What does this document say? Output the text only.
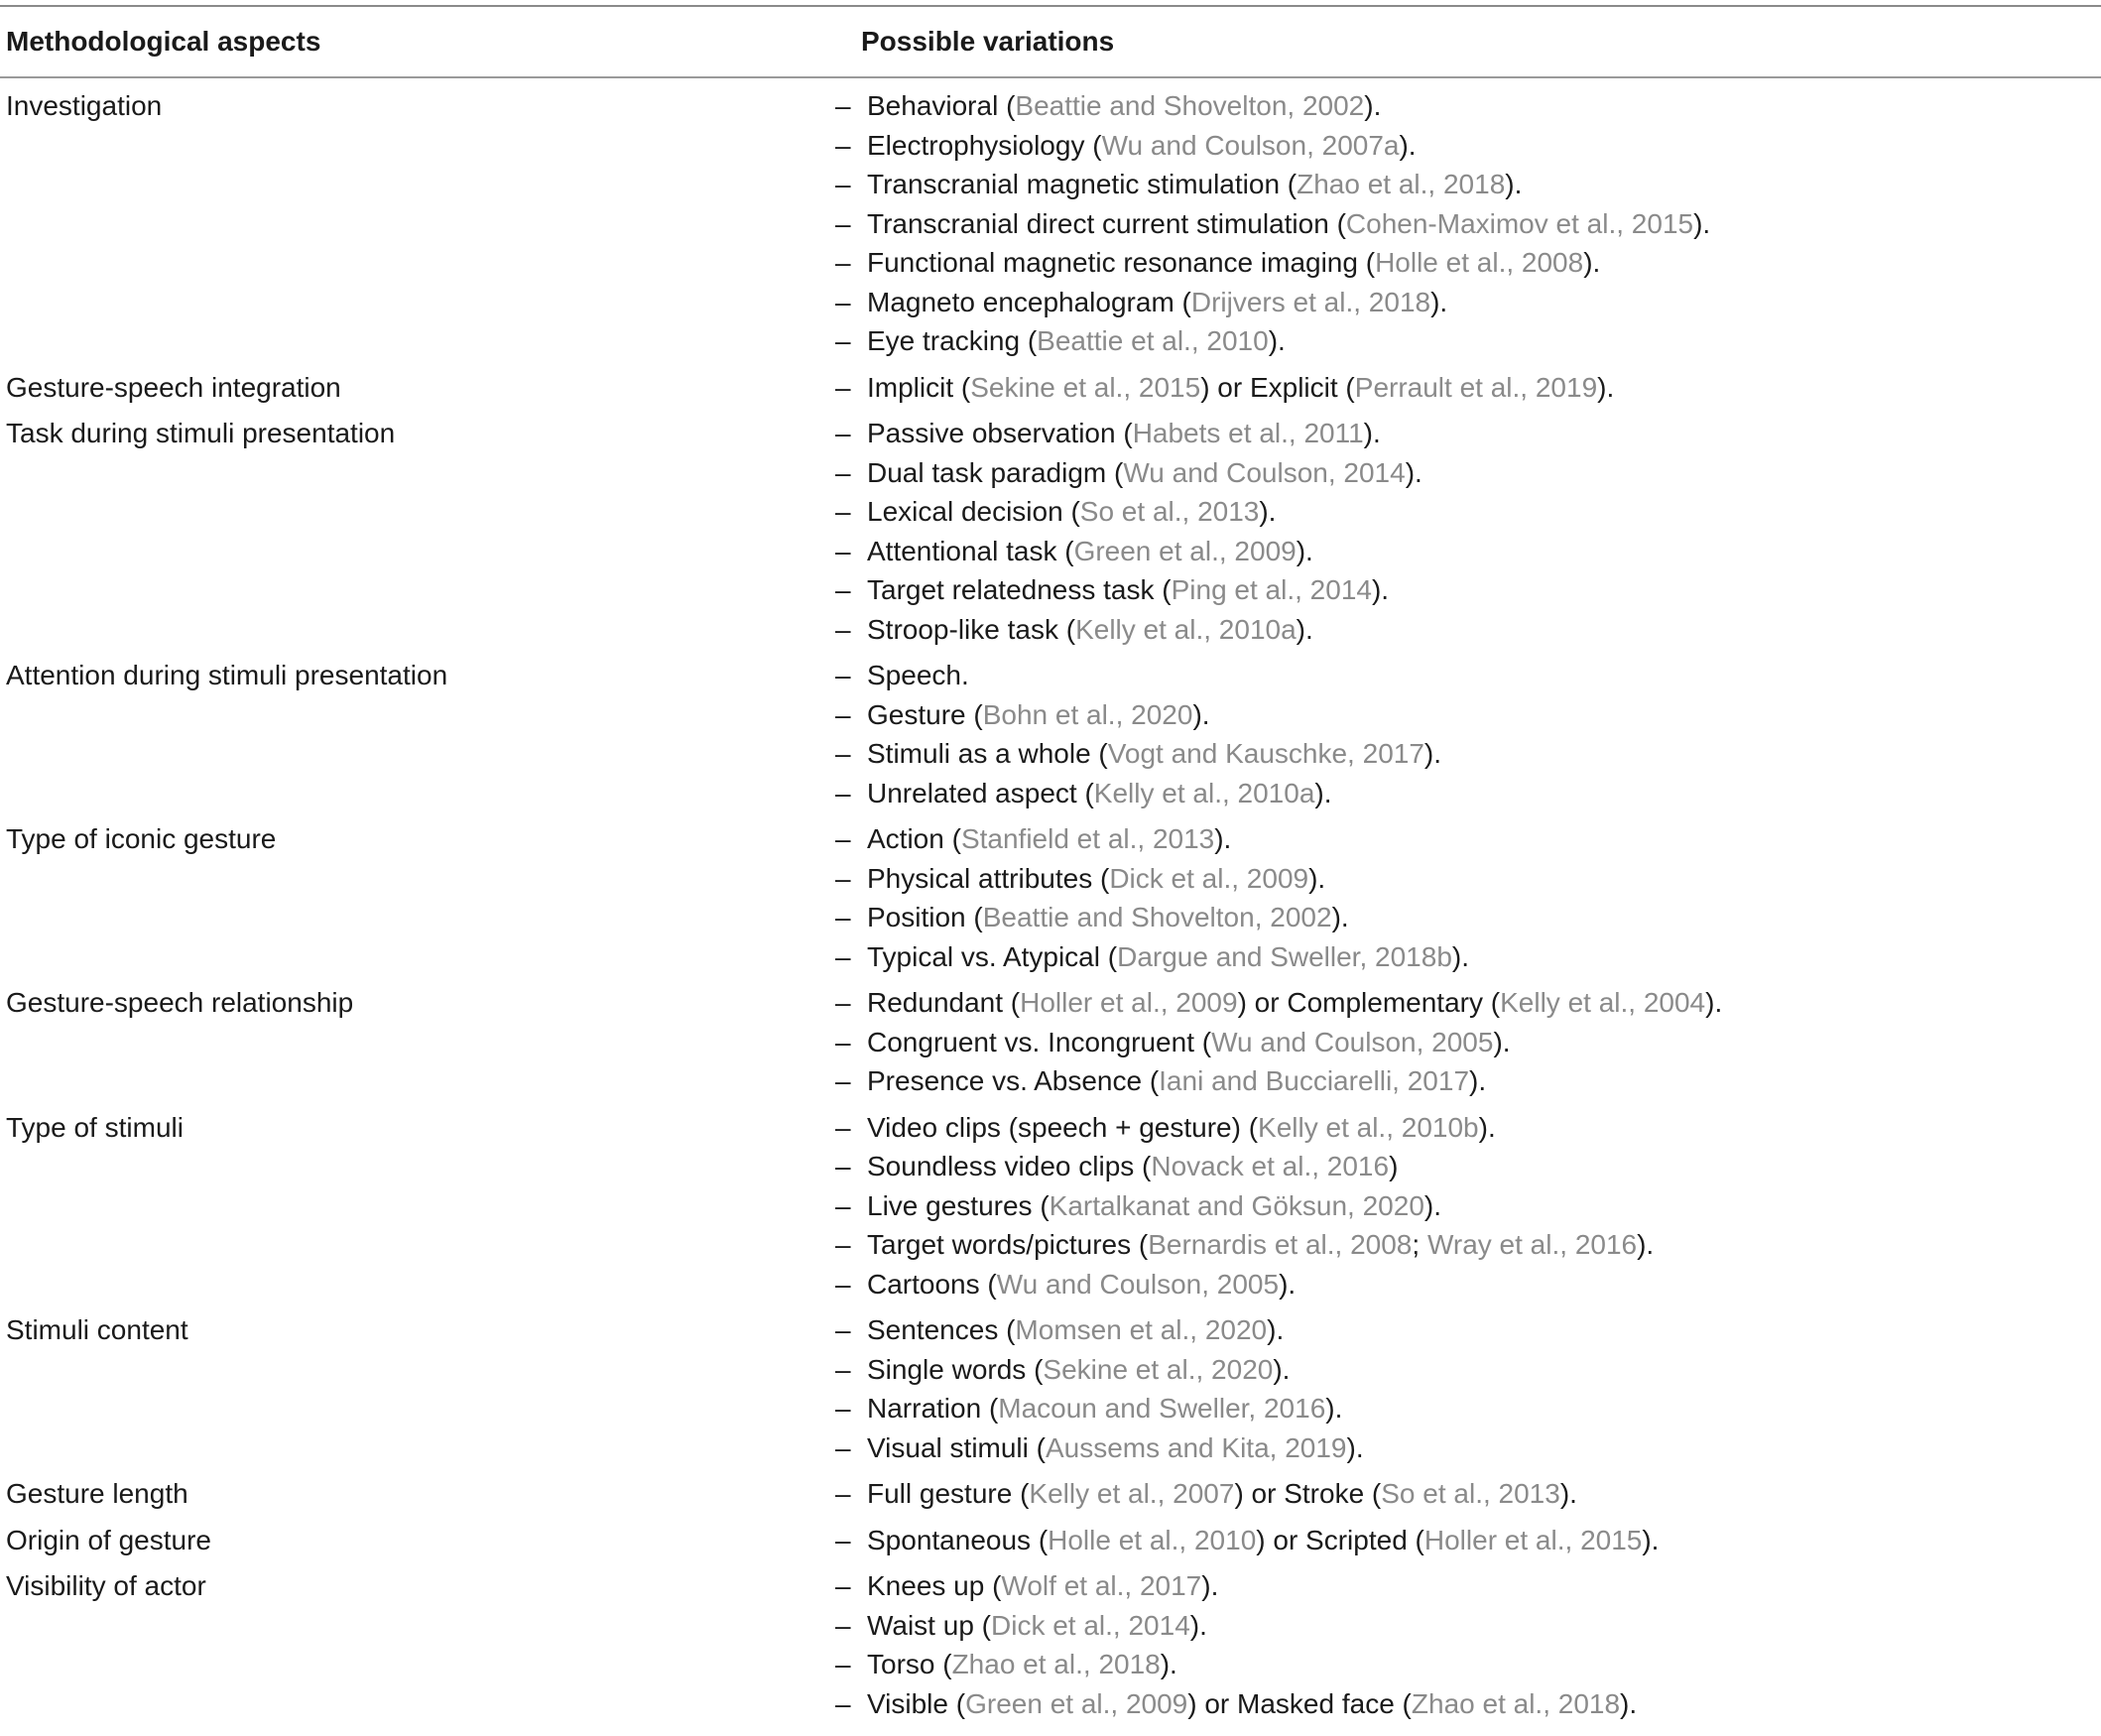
Methodological aspects	Possible variations
Investigation	– Behavioral (Beattie and Shovelton, 2002).
– Electrophysiology (Wu and Coulson, 2007a).
– Transcranial magnetic stimulation (Zhao et al., 2018).
– Transcranial direct current stimulation (Cohen-Maximov et al., 2015).
– Functional magnetic resonance imaging (Holle et al., 2008).
– Magneto encephalogram (Drijvers et al., 2018).
– Eye tracking (Beattie et al., 2010).
Gesture-speech integration	– Implicit (Sekine et al., 2015) or Explicit (Perrault et al., 2019).
Task during stimuli presentation	– Passive observation (Habets et al., 2011).
– Dual task paradigm (Wu and Coulson, 2014).
– Lexical decision (So et al., 2013).
– Attentional task (Green et al., 2009).
– Target relatedness task (Ping et al., 2014).
– Stroop-like task (Kelly et al., 2010a).
Attention during stimuli presentation	– Speech.
– Gesture (Bohn et al., 2020).
– Stimuli as a whole (Vogt and Kauschke, 2017).
– Unrelated aspect (Kelly et al., 2010a).
Type of iconic gesture	– Action (Stanfield et al., 2013).
– Physical attributes (Dick et al., 2009).
– Position (Beattie and Shovelton, 2002).
– Typical vs. Atypical (Dargue and Sweller, 2018b).
Gesture-speech relationship	– Redundant (Holler et al., 2009) or Complementary (Kelly et al., 2004).
– Congruent vs. Incongruent (Wu and Coulson, 2005).
– Presence vs. Absence (Iani and Bucciarelli, 2017).
Type of stimuli	– Video clips (speech + gesture) (Kelly et al., 2010b).
– Soundless video clips (Novack et al., 2016)
– Live gestures (Kartalkanat and Göksun, 2020).
– Target words/pictures (Bernardis et al., 2008; Wray et al., 2016).
– Cartoons (Wu and Coulson, 2005).
Stimuli content	– Sentences (Momsen et al., 2020).
– Single words (Sekine et al., 2020).
– Narration (Macoun and Sweller, 2016).
– Visual stimuli (Aussems and Kita, 2019).
Gesture length	– Full gesture (Kelly et al., 2007) or Stroke (So et al., 2013).
Origin of gesture	– Spontaneous (Holle et al., 2010) or Scripted (Holler et al., 2015).
Visibility of actor	– Knees up (Wolf et al., 2017).
– Waist up (Dick et al., 2014).
– Torso (Zhao et al., 2018).
– Visible (Green et al., 2009) or Masked face (Zhao et al., 2018).
